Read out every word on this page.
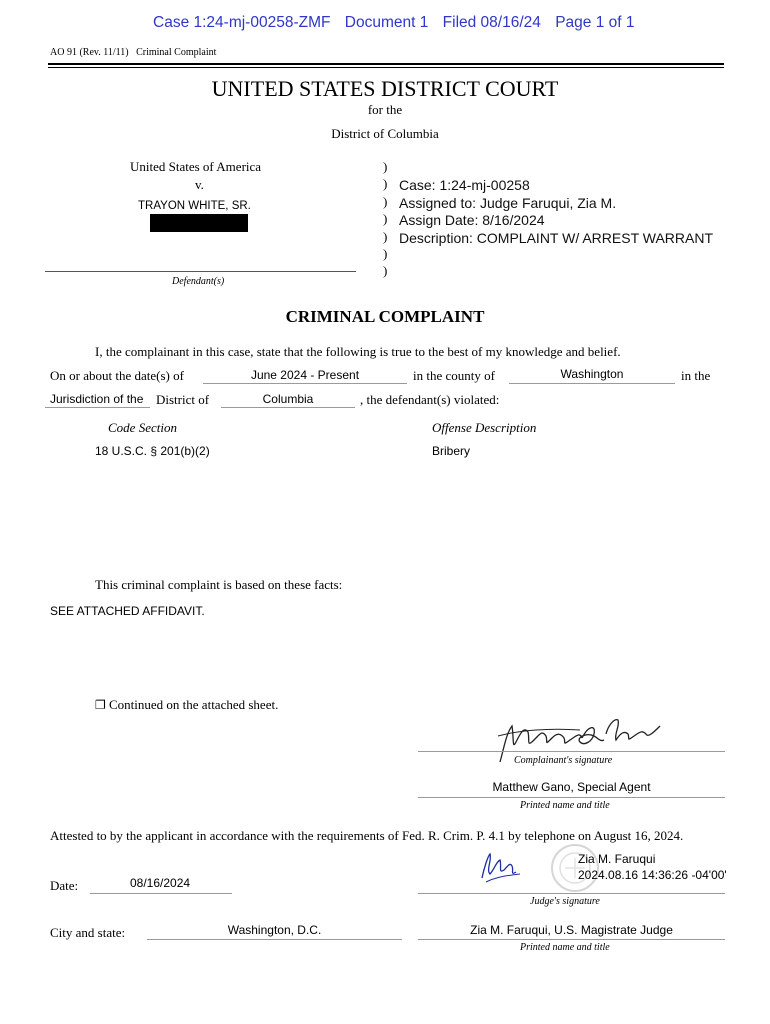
Case 1:24-mj-00258-ZMF Document 1 Filed 08/16/24 Page 1 of 1
AO 91 (Rev. 11/11)   Criminal Complaint
UNITED STATES DISTRICT COURT
for the
District of Columbia
United States of America
v.
TRAYON WHITE, SR.
Defendant(s)
)
)
)
)
)
)
)
Case: 1:24-mj-00258
Assigned to: Judge Faruqui, Zia M.
Assign Date: 8/16/2024
Description: COMPLAINT W/ ARREST WARRANT
CRIMINAL COMPLAINT
I, the complainant in this case, state that the following is true to the best of my knowledge and belief.
On or about the date(s) of	June 2024 - Present	in the county of	Washington	in the
Jurisdiction of the District of	Columbia	, the defendant(s) violated:
Code Section	Offense Description
18 U.S.C. § 201(b)(2)	Bribery
This criminal complaint is based on these facts:
SEE ATTACHED AFFIDAVIT.
❐ Continued on the attached sheet.
Complainant's signature
Matthew Gano, Special Agent
Printed name and title
Attested to by the applicant in accordance with the requirements of Fed. R. Crim. P. 4.1 by telephone on August 16, 2024.
Date:	08/16/2024
Zia M. Faruqui
2024.08.16 14:36:26 -04'00'
Judge's signature
City and state:	Washington, D.C.	Zia M. Faruqui, U.S. Magistrate Judge
Printed name and title
